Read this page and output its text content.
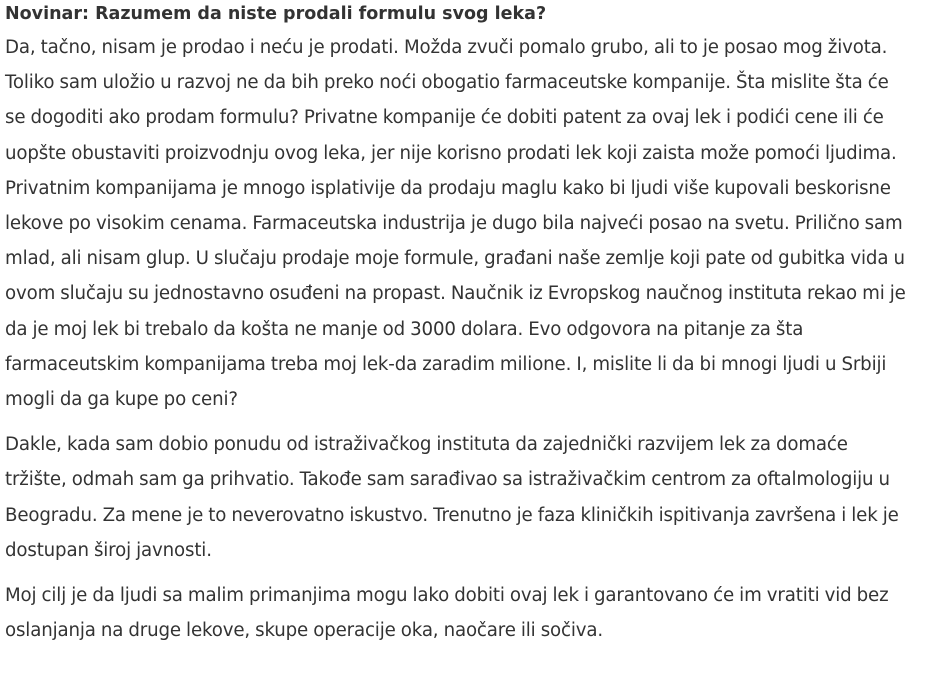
Novinar: Razumem da niste prodali formulu svog leka?

Da, tačno, nisam je prodao i neću je prodati. Možda zvuči pomalo grubo, ali to je posao mog života. Toliko sam uložio u razvoj ne da bih preko noći obogatio farmaceutske kompanije. Šta mislite šta će se dogoditi ako prodam formulu? Privatne kompanije će dobiti patent za ovaj lek i podići cene ili će uopšte obustaviti proizvodnju ovog leka, jer nije korisno prodati lek koji zaista može pomoći ljudima. Privatnim kompanijama je mnogo isplativije da prodaju maglu kako bi ljudi više kupovali beskorisne lekove po visokim cenama. Farmaceutska industrija je dugo bila najveći posao na svetu. Prilično sam mlad, ali nisam glup. U slučaju prodaje moje formule, građani naše zemlje koji pate od gubitka vida u ovom slučaju su jednostavno osuđeni na propast. Naučnik iz Evropskog naučnog instituta rekao mi je da je moj lek bi trebalo da košta ne manje od 3000 dolara. Evo odgovora na pitanje za šta farmaceutskim kompanijama treba moj lek-da zaradim milione. I, mislite li da bi mnogi ljudi u Srbiji mogli da ga kupe po ceni?

Dakle, kada sam dobio ponudu od istraživačkog instituta da zajednički razvijem lek za domaće tržište, odmah sam ga prihvatio. Takođe sam sarađivao sa istraživačkim centrom za oftalmologiju u Beogradu. Za mene je to neverovatno iskustvo. Trenutno je faza kliničkih ispitivanja završena i lek je dostupan široj javnosti.

Moj cilj je da ljudi sa malim primanjima mogu lako dobiti ovaj lek i garantovano će im vratiti vid bez oslanjanja na druge lekove, skupe operacije oka, naočare ili sočiva.
